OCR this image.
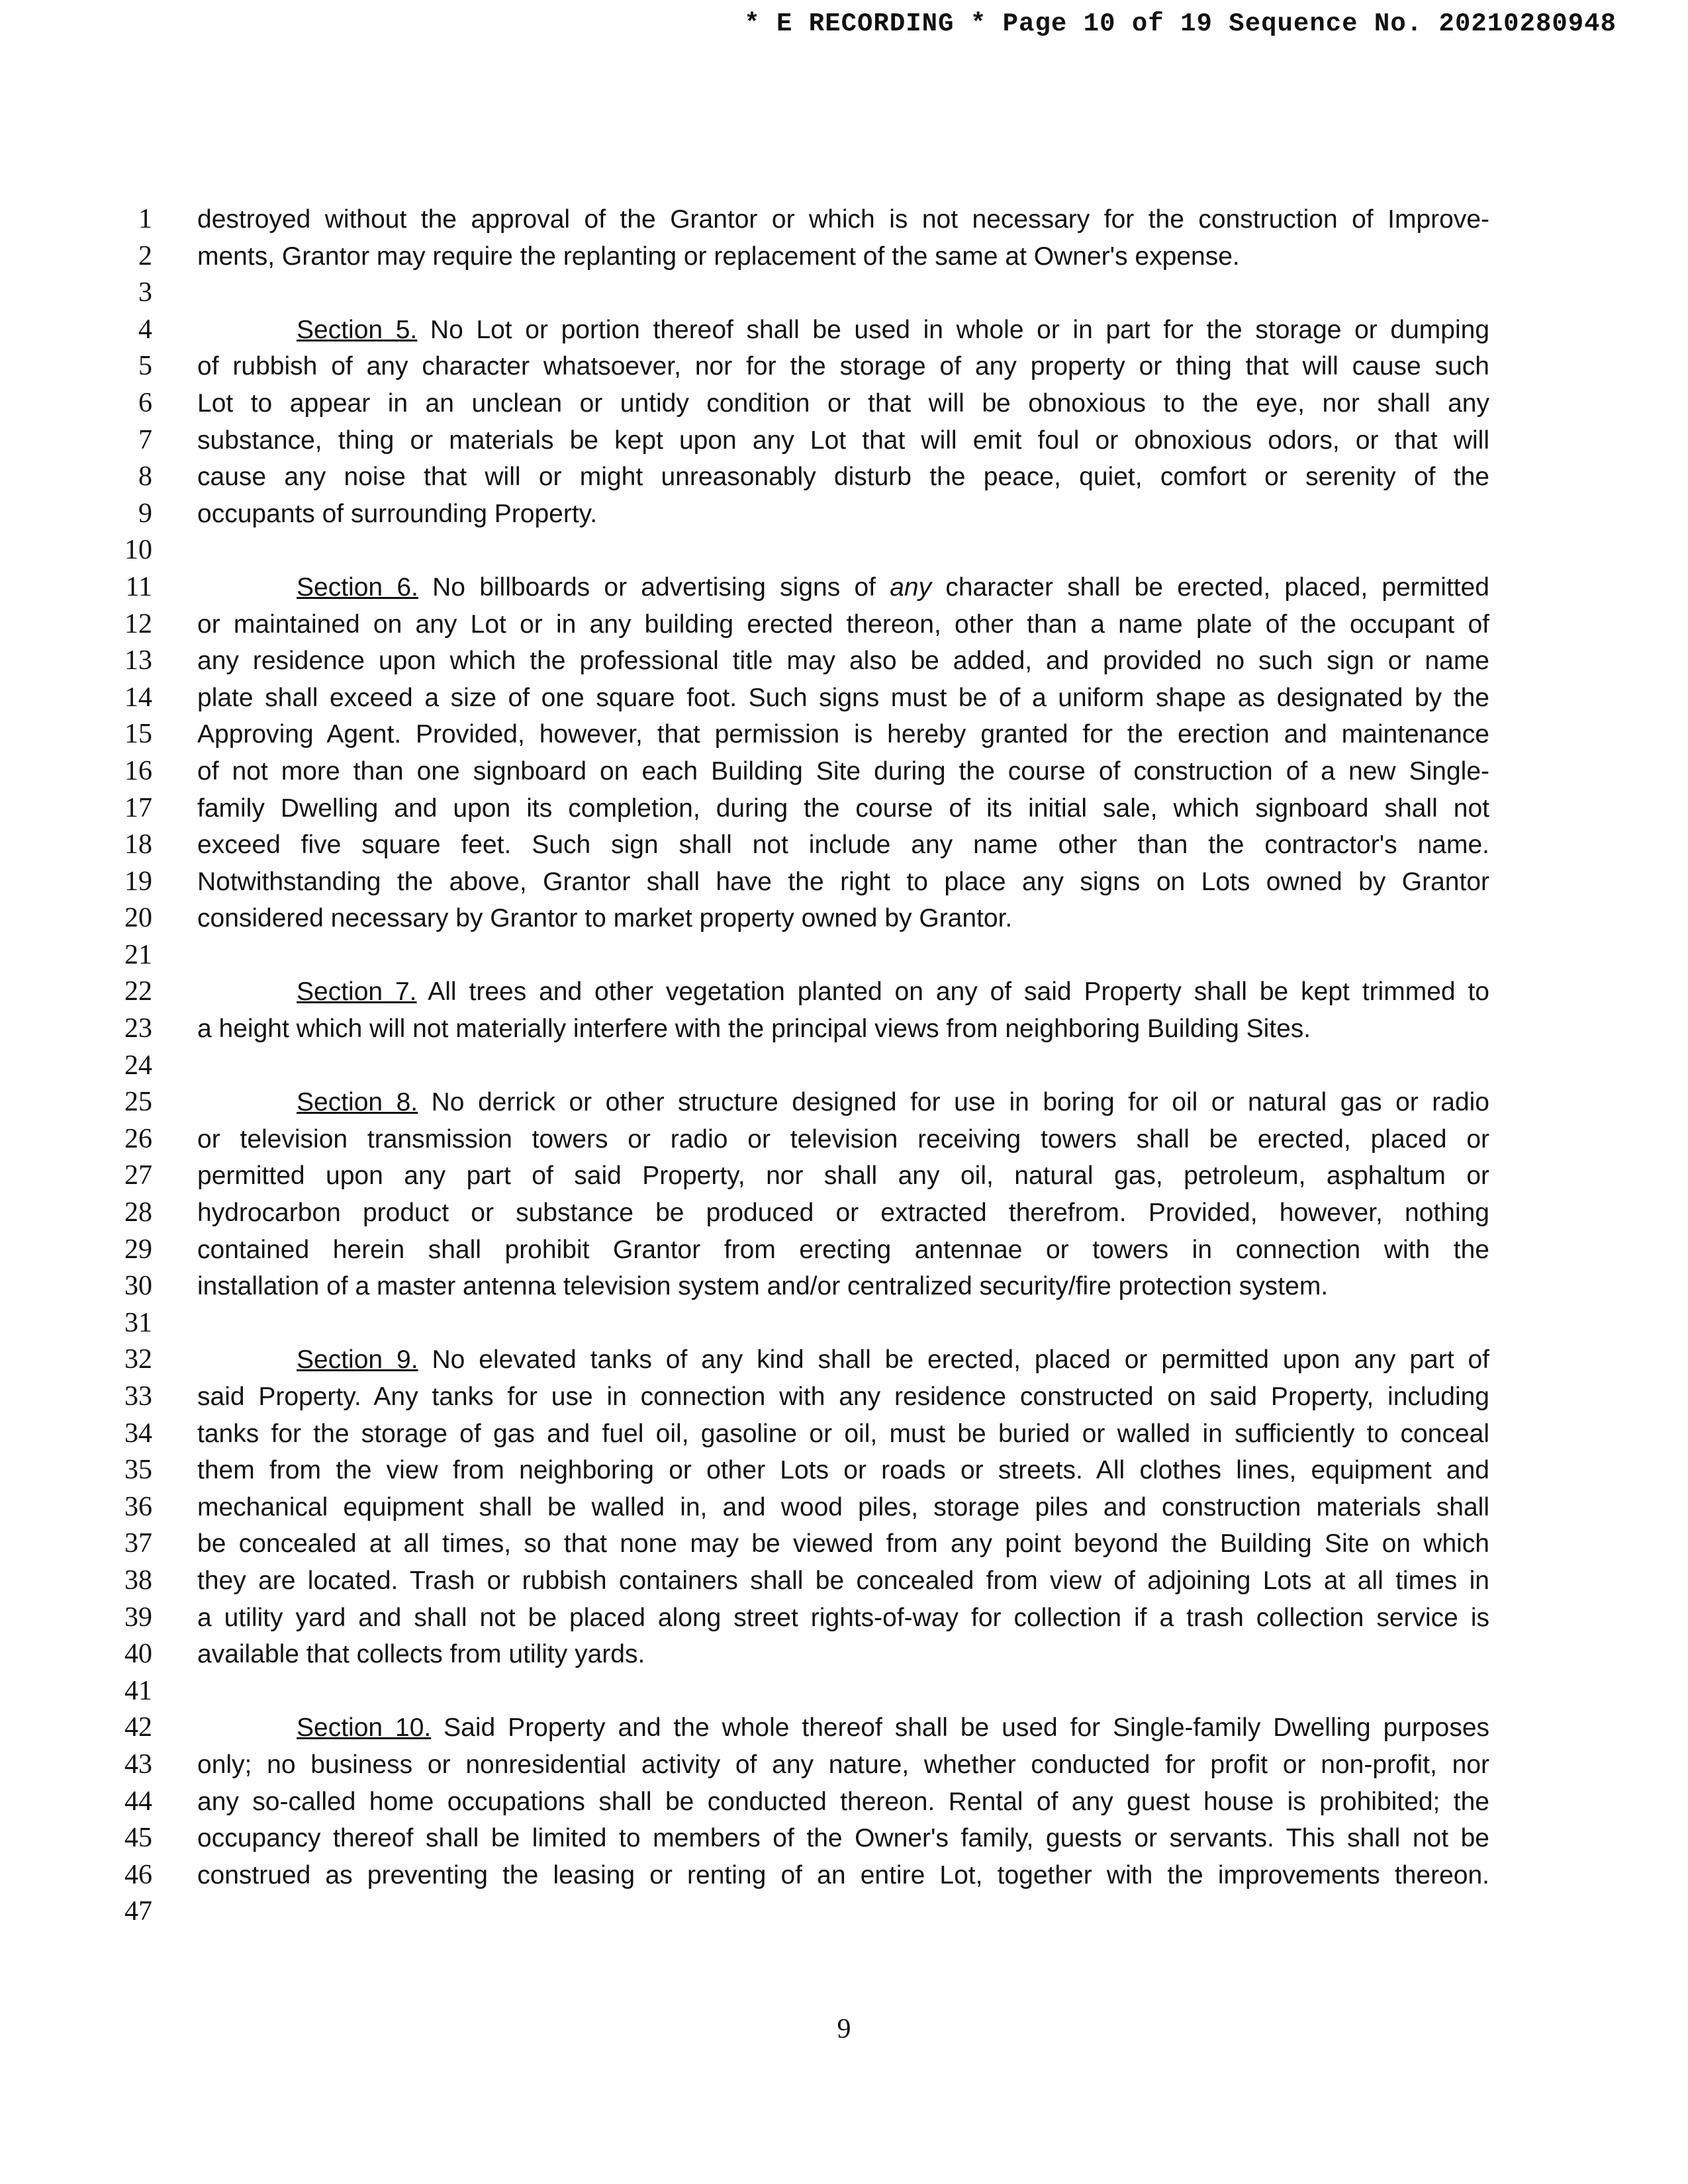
* E RECORDING * Page 10 of 19 Sequence No. 20210280948
1
2
3
4
5
6
7
8
9
10
11
12
13
14
15
16
17
18
19
20
21
22
23
24
25
26
27
28
29
30
31
32
33
34
35
36
37
38
39
40
41
42
43
44
45
46
47
destroyed without the approval of the Grantor or which is not necessary for the construction of Improve-
ments, Grantor may require the replanting or replacement of the same at Owner's expense.
Section 5. No Lot or portion thereof shall be used in whole or in part for the storage or dumping
of rubbish of any character whatsoever, nor for the storage of any property or thing that will cause such
Lot to appear in an unclean or untidy condition or that will be obnoxious to the eye, nor shall any
substance, thing or materials be kept upon any Lot that will emit foul or obnoxious odors, or that will
cause any noise that will or might unreasonably disturb the peace, quiet, comfort or serenity of the
occupants of surrounding Property.
Section 6. No billboards or advertising signs of any character shall be erected, placed, permitted
or maintained on any Lot or in any building erected thereon, other than a name plate of the occupant of
any residence upon which the professional title may also be added, and provided no such sign or name
plate shall exceed a size of one square foot. Such signs must be of a uniform shape as designated by the
Approving Agent. Provided, however, that permission is hereby granted for the erection and maintenance
of not more than one signboard on each Building Site during the course of construction of a new Single-
family Dwelling and upon its completion, during the course of its initial sale, which signboard shall not
exceed five square feet. Such sign shall not include any name other than the contractor's name.
Notwithstanding the above, Grantor shall have the right to place any signs on Lots owned by Grantor
considered necessary by Grantor to market property owned by Grantor.
Section 7. All trees and other vegetation planted on any of said Property shall be kept trimmed to
a height which will not materially interfere with the principal views from neighboring Building Sites.
Section 8. No derrick or other structure designed for use in boring for oil or natural gas or radio
or television transmission towers or radio or television receiving towers shall be erected, placed or
permitted upon any part of said Property, nor shall any oil, natural gas, petroleum, asphaltum or
hydrocarbon product or substance be produced or extracted therefrom. Provided, however, nothing
contained herein shall prohibit Grantor from erecting antennae or towers in connection with the
installation of a master antenna television system and/or centralized security/fire protection system.
Section 9. No elevated tanks of any kind shall be erected, placed or permitted upon any part of
said Property. Any tanks for use in connection with any residence constructed on said Property, including
tanks for the storage of gas and fuel oil, gasoline or oil, must be buried or walled in sufficiently to conceal
them from the view from neighboring or other Lots or roads or streets. All clothes lines, equipment and
mechanical equipment shall be walled in, and wood piles, storage piles and construction materials shall
be concealed at all times, so that none may be viewed from any point beyond the Building Site on which
they are located. Trash or rubbish containers shall be concealed from view of adjoining Lots at all times in
a utility yard and shall not be placed along street rights-of-way for collection if a trash collection service is
available that collects from utility yards.
Section 10. Said Property and the whole thereof shall be used for Single-family Dwelling purposes
only; no business or nonresidential activity of any nature, whether conducted for profit or non-profit, nor
any so-called home occupations shall be conducted thereon. Rental of any guest house is prohibited; the
occupancy thereof shall be limited to members of the Owner's family, guests or servants. This shall not be
construed as preventing the leasing or renting of an entire Lot, together with the improvements thereon.
9
